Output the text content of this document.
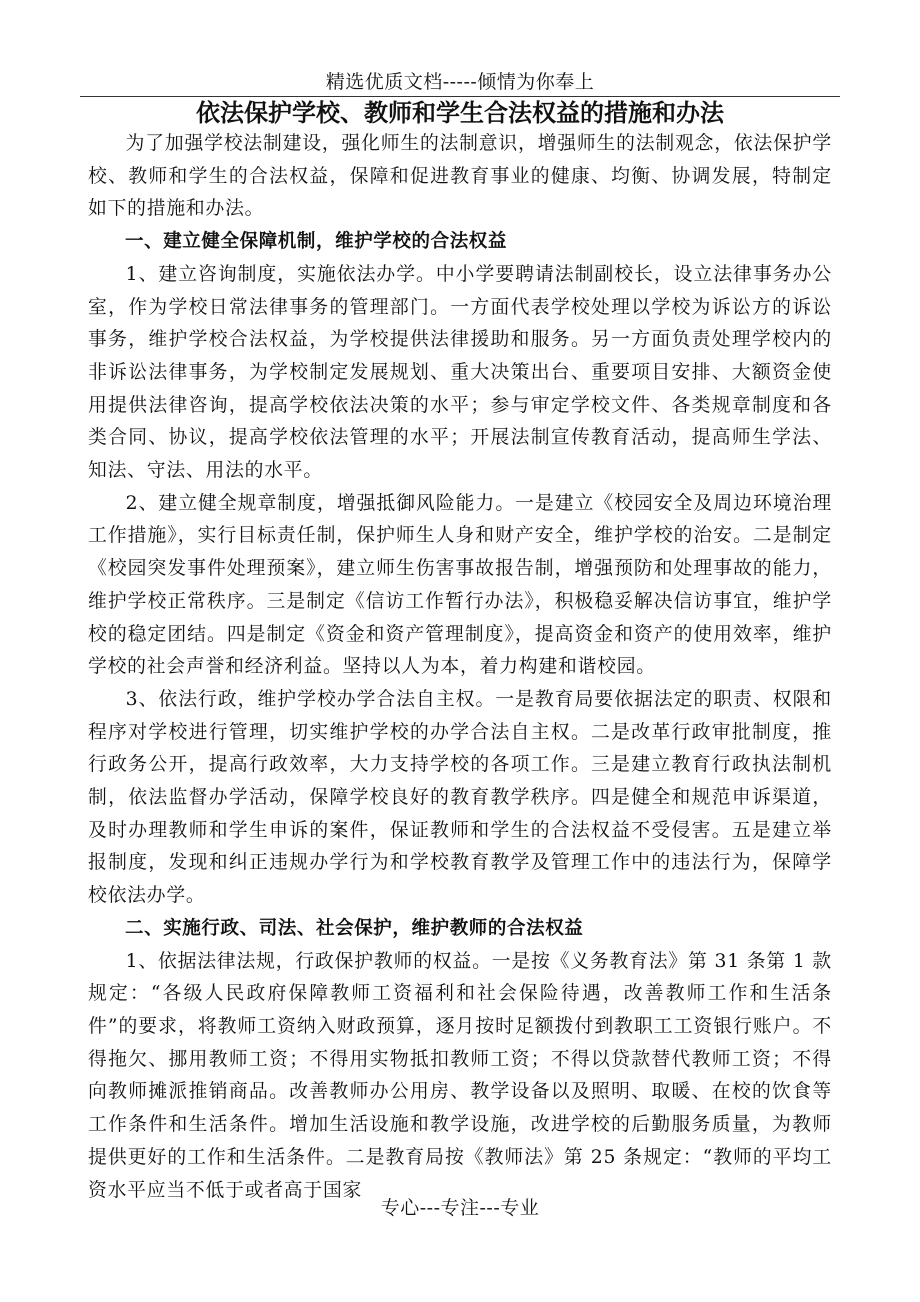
精选优质文档-----倾情为你奉上
依法保护学校、教师和学生合法权益的措施和办法

为了加强学校法制建设，强化师生的法制意识，增强师生的法制观念，依法保护学校、教师和学生的合法权益，保障和促进教育事业的健康、均衡、协调发展，特制定如下的措施和办法。

一、建立健全保障机制，维护学校的合法权益

1、建立咨询制度，实施依法办学。中小学要聘请法制副校长，设立法律事务办公室，作为学校日常法律事务的管理部门。一方面代表学校处理以学校为诉讼方的诉讼事务，维护学校合法权益，为学校提供法律援助和服务。另一方面负责处理学校内的非诉讼法律事务，为学校制定发展规划、重大决策出台、重要项目安排、大额资金使用提供法律咨询，提高学校依法决策的水平；参与审定学校文件、各类规章制度和各类合同、协议，提高学校依法管理的水平；开展法制宣传教育活动，提高师生学法、知法、守法、用法的水平。

2、建立健全规章制度，增强抵御风险能力。一是建立《校园安全及周边环境治理工作措施》，实行目标责任制，保护师生人身和财产安全，维护学校的治安。二是制定《校园突发事件处理预案》，建立师生伤害事故报告制，增强预防和处理事故的能力，维护学校正常秩序。三是制定《信访工作暂行办法》，积极稳妥解决信访事宜，维护学校的稳定团结。四是制定《资金和资产管理制度》，提高资金和资产的使用效率，维护学校的社会声誉和经济利益。坚持以人为本，着力构建和谐校园。

3、依法行政，维护学校办学合法自主权。一是教育局要依据法定的职责、权限和程序对学校进行管理，切实维护学校的办学合法自主权。二是改革行政审批制度，推行政务公开，提高行政效率，大力支持学校的各项工作。三是建立教育行政执法制机制，依法监督办学活动，保障学校良好的教育教学秩序。四是健全和规范申诉渠道，及时办理教师和学生申诉的案件，保证教师和学生的合法权益不受侵害。五是建立举报制度，发现和纠正违规办学行为和学校教育教学及管理工作中的违法行为，保障学校依法办学。

二、实施行政、司法、社会保护，维护教师的合法权益

1、依据法律法规，行政保护教师的权益。一是按《义务教育法》第 31 条第 1 款规定：“各级人民政府保障教师工资福利和社会保险待遇，改善教师工作和生活条件”的要求，将教师工资纳入财政预算，逐月按时足额拨付到教职工工资银行账户。不得拖欠、挪用教师工资；不得用实物抵扣教师工资；不得以贷款替代教师工资；不得向教师摊派推销商品。改善教师办公用房、教学设备以及照明、取暖、在校的饮食等工作条件和生活条件。增加生活设施和教学设施，改进学校的后勤服务质量，为教师提供更好的工作和生活条件。二是教育局按《教师法》第 25 条规定：“教师的平均工资水平应当不低于或者高于国家

专心---专注---专业
